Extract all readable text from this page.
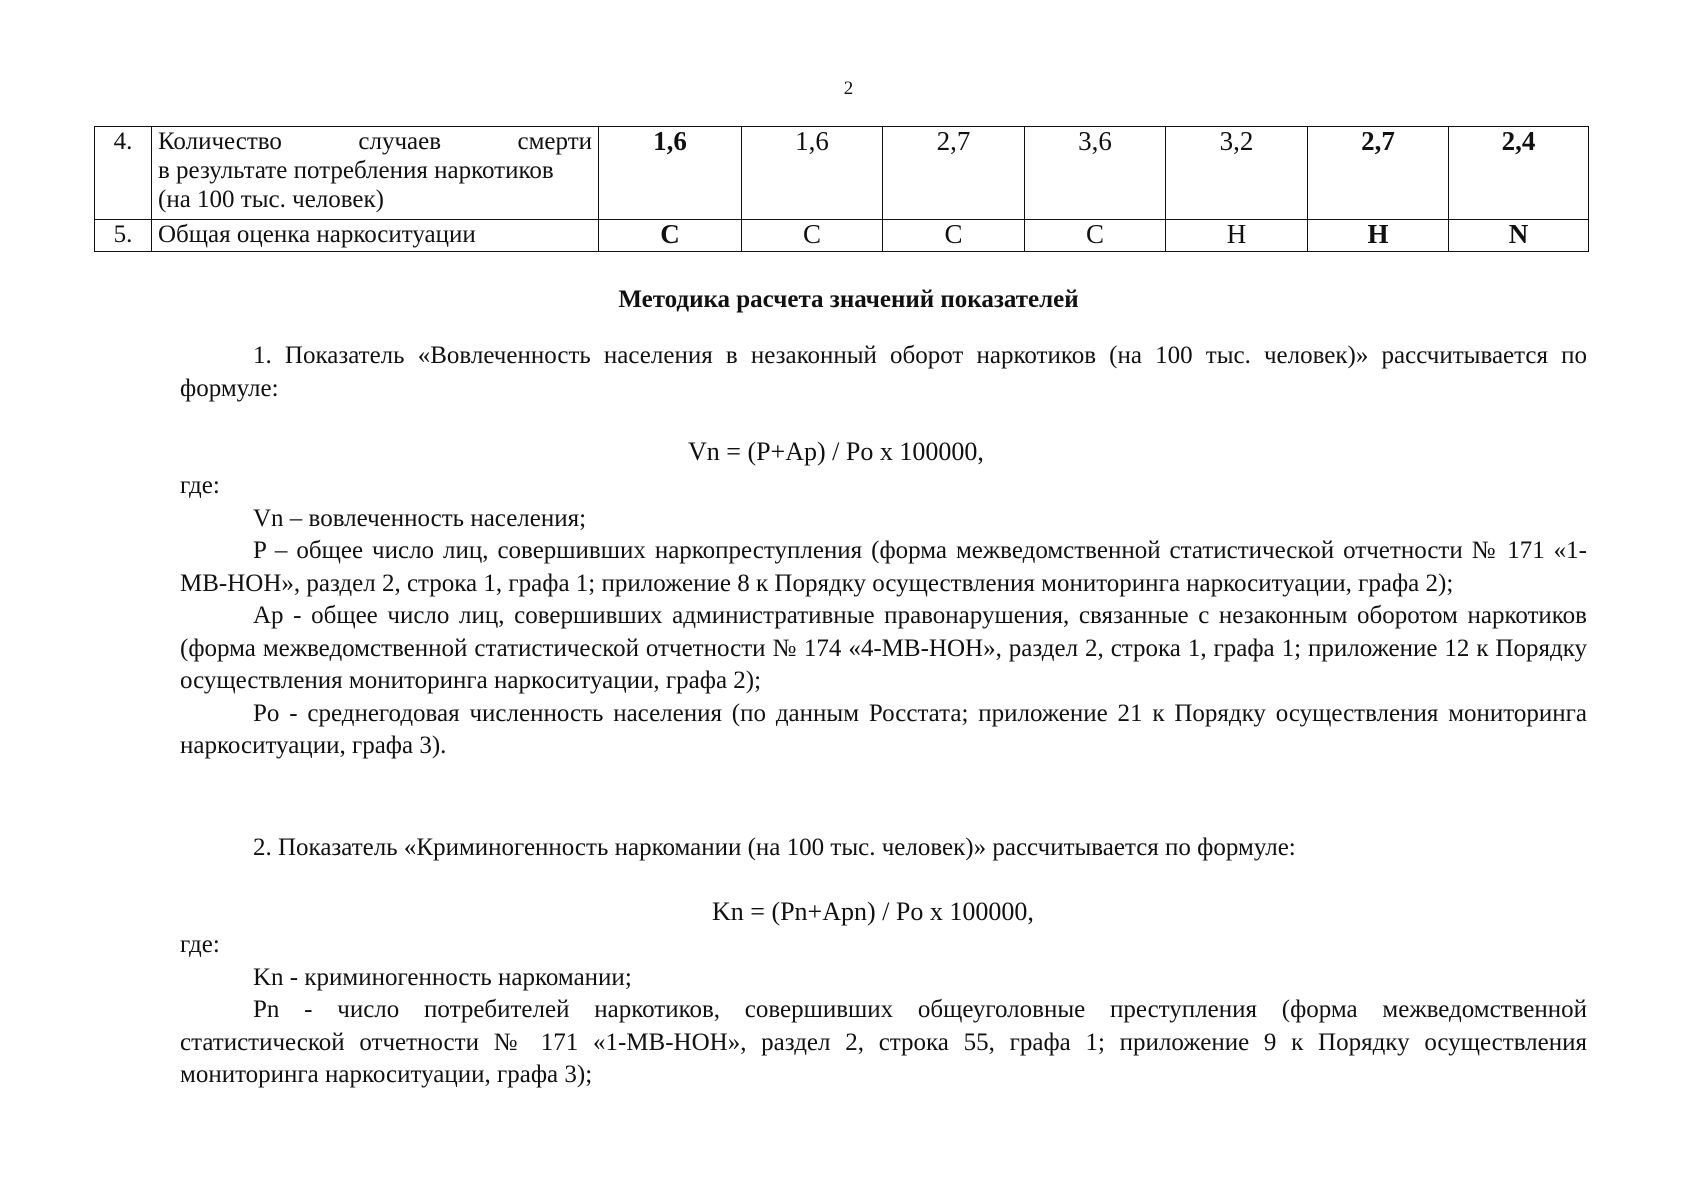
2
4.	Количество случаев смерти
в результате потребления наркотиков
(на 100 тыс. человек)	1,6	1,6	2,7	3,6	3,2	2,7	2,4
5.	Общая оценка наркоситуации	С	С	С	С	Н	Н	N
Методика расчета значений показателей

1. Показатель «Вовлеченность населения в незаконный оборот наркотиков (на 100 тыс. человек)» рассчитывается по формуле:

Vn = (P+Ap) / Po x 100000,

где:

Vn – вовлеченность населения;

P – общее число лиц, совершивших наркопреступления (форма межведомственной статистической отчетности № 171 «1-МВ-НОН», раздел 2, строка 1, графа 1; приложение 8 к Порядку осуществления мониторинга наркоситуации, графа 2);

Ap - общее число лиц, совершивших административные правонарушения, связанные с незаконным оборотом наркотиков (форма межведомственной статистической отчетности № 174 «4-МВ-НОН», раздел 2, строка 1, графа 1; приложение 12 к Порядку осуществления мониторинга наркоситуации, графа 2);

Po - среднегодовая численность населения (по данным Росстата; приложение 21 к Порядку осуществления мониторинга наркоситуации, графа 3).

2. Показатель «Криминогенность наркомании (на 100 тыс. человек)» рассчитывается по формуле:

Kn = (Pn+Apn) / Po x 100000,

где:

Kn - криминогенность наркомании;

Pn - число потребителей наркотиков, совершивших общеуголовные преступления (форма межведомственной статистической отчетности № 171 «1-МВ-НОН», раздел 2, строка 55, графа 1; приложение 9 к Порядку осуществления мониторинга наркоситуации, графа 3);
